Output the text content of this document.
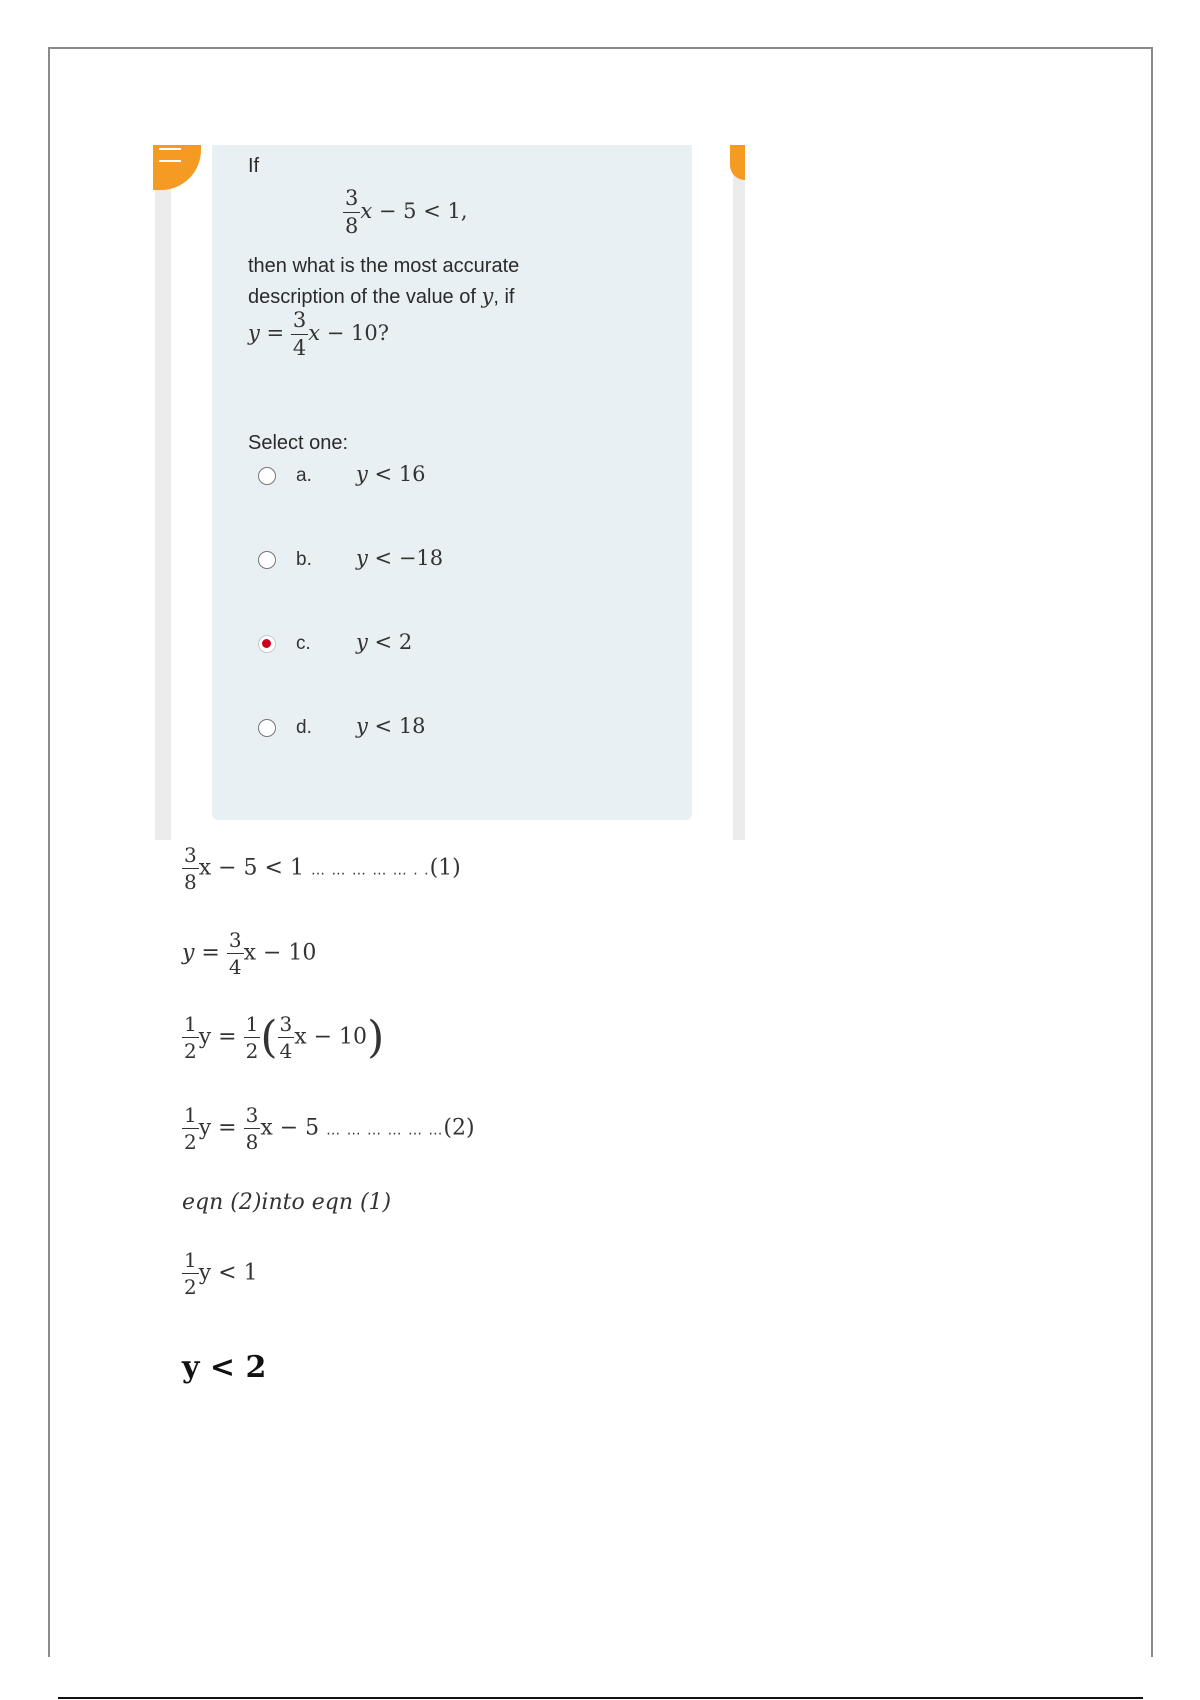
If
$\frac{3}{8}$ x − 5 < 1,
then what is the most accurate
description of the value of y, if
$y = \frac{3}{4}$ x − 10?
Select one:
a. y < 16
b. y < −18
c. y < 2
d. y < 18
$\frac{3}{8}$ x − 5 < 1 … … … … … . .(1)
$y = \frac{3}{4}$ x − 10
$\frac{1}{2}$ $y = \frac{1}{2}$ ( $\frac{3}{4}$ x − 10)
$\frac{1}{2}$ $y = \frac{3}{8}$ x − 5 … … … … … …(2)
eqn (2)into eqn (1)
$\frac{1}{2}$ y < 1
y < 2
